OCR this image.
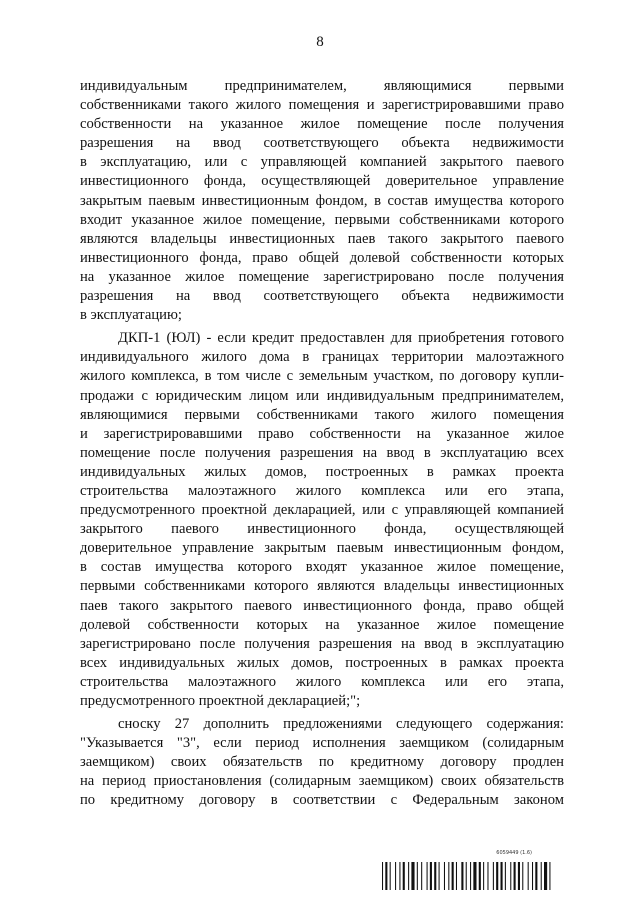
8
индивидуальным предпринимателем, являющимися первыми
собственниками такого жилого помещения и зарегистрировавшими право
собственности на указанное жилое помещение после получения
разрешения на ввод соответствующего объекта недвижимости
в эксплуатацию, или с управляющей компанией закрытого паевого
инвестиционного фонда, осуществляющей доверительное управление
закрытым паевым инвестиционным фондом, в состав имущества которого
входит указанное жилое помещение, первыми собственниками которого
являются владельцы инвестиционных паев такого закрытого паевого
инвестиционного фонда, право общей долевой собственности которых
на указанное жилое помещение зарегистрировано после получения
разрешения на ввод соответствующего объекта недвижимости
в эксплуатацию;
ДКП-1 (ЮЛ) - если кредит предоставлен для приобретения готового
индивидуального жилого дома в границах территории малоэтажного
жилого комплекса, в том числе с земельным участком, по договору купли-
продажи с юридическим лицом или индивидуальным предпринимателем,
являющимися первыми собственниками такого жилого помещения
и зарегистрировавшими право собственности на указанное жилое
помещение после получения разрешения на ввод в эксплуатацию всех
индивидуальных жилых домов, построенных в рамках проекта
строительства малоэтажного жилого комплекса или его этапа,
предусмотренного проектной декларацией, или с управляющей компанией
закрытого паевого инвестиционного фонда, осуществляющей
доверительное управление закрытым паевым инвестиционным фондом,
в состав имущества которого входят указанное жилое помещение,
первыми собственниками которого являются владельцы инвестиционных
паев такого закрытого паевого инвестиционного фонда, право общей
долевой собственности которых на указанное жилое помещение
зарегистрировано после получения разрешения на ввод в эксплуатацию
всех индивидуальных жилых домов, построенных в рамках проекта
строительства малоэтажного жилого комплекса или его этапа,
предусмотренного проектной декларацией;";
сноску 27 дополнить предложениями следующего содержания:
"Указывается "3", если период исполнения заемщиком (солидарным
заемщиком) своих обязательств по кредитному договору продлен
на период приостановления (солидарным заемщиком) своих обязательств
по кредитному договору в соответствии с Федеральным законом
6059449 (1.6)
